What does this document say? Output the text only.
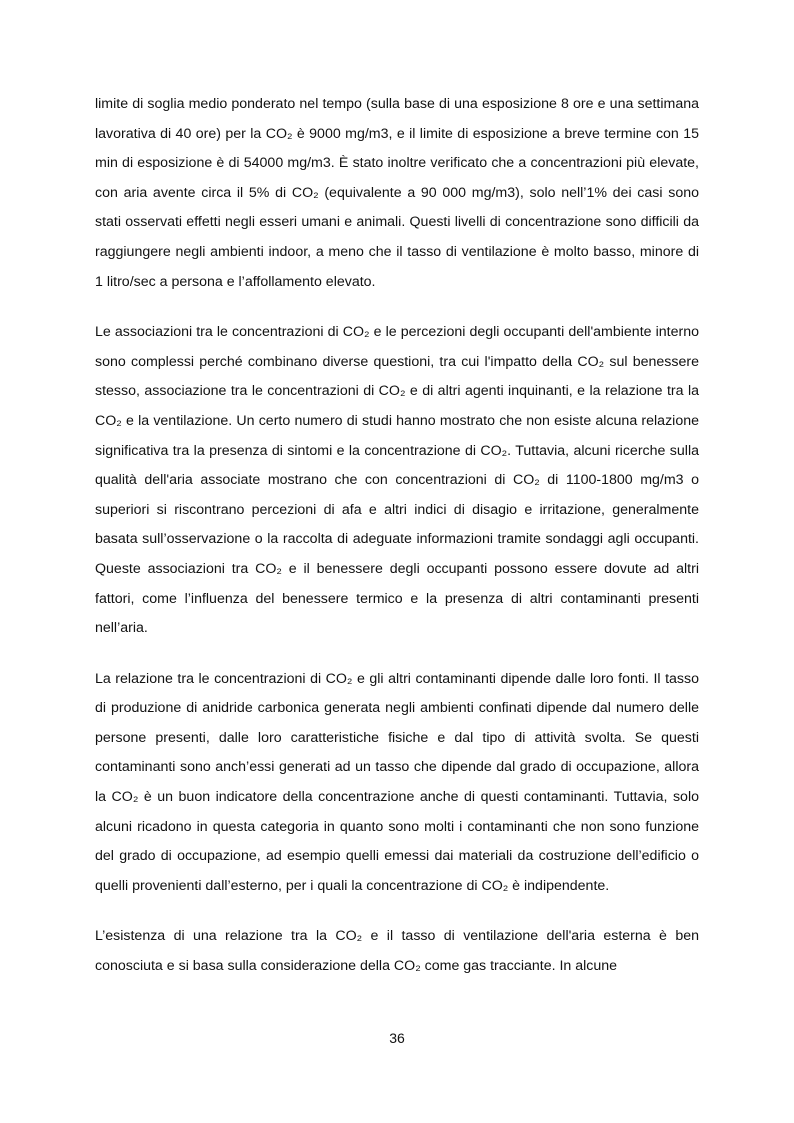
limite di soglia medio ponderato nel tempo (sulla base di una esposizione 8 ore e una settimana lavorativa di 40 ore) per la CO₂ è 9000 mg/m3, e il limite di esposizione a breve termine con 15 min di esposizione è di 54000 mg/m3. È stato inoltre verificato che a concentrazioni più elevate, con aria avente circa il 5% di CO₂ (equivalente a 90 000 mg/m3), solo nell’1% dei casi sono stati osservati effetti negli esseri umani e animali. Questi livelli di concentrazione sono difficili da raggiungere negli ambienti indoor, a meno che il tasso di ventilazione è molto basso, minore di 1 litro/sec a persona e l’affollamento elevato.

Le associazioni tra le concentrazioni di CO₂ e le percezioni degli occupanti dell'ambiente interno sono complessi perché combinano diverse questioni, tra cui l'impatto della CO₂ sul benessere stesso, associazione tra le concentrazioni di CO₂ e di altri agenti inquinanti, e la relazione tra la CO₂ e la ventilazione. Un certo numero di studi hanno mostrato che non esiste alcuna relazione significativa tra la presenza di sintomi e la concentrazione di CO₂. Tuttavia, alcuni ricerche sulla qualità dell'aria associate mostrano che con concentrazioni di CO₂ di 1100-1800 mg/m3 o superiori si riscontrano percezioni di afa e altri indici di disagio e irritazione, generalmente basata sull’osservazione o la raccolta di adeguate informazioni tramite sondaggi agli occupanti. Queste associazioni tra CO₂ e il benessere degli occupanti possono essere dovute ad altri fattori, come l’influenza del benessere termico e la presenza di altri contaminanti presenti nell’aria.

La relazione tra le concentrazioni di CO₂ e gli altri contaminanti dipende dalle loro fonti. Il tasso di produzione di anidride carbonica generata negli ambienti confinati dipende dal numero delle persone presenti, dalle loro caratteristiche fisiche e dal tipo di attività svolta. Se questi contaminanti sono anch’essi generati ad un tasso che dipende dal grado di occupazione, allora la CO₂ è un buon indicatore della concentrazione anche di questi contaminanti. Tuttavia, solo alcuni ricadono in questa categoria in quanto sono molti i contaminanti che non sono funzione del grado di occupazione, ad esempio quelli emessi dai materiali da costruzione dell’edificio o quelli provenienti dall’esterno, per i quali la concentrazione di CO₂ è indipendente.

L’esistenza di una relazione tra la CO₂ e il tasso di ventilazione dell'aria esterna è ben conosciuta e si basa sulla considerazione della CO₂ come gas tracciante. In alcune

36
